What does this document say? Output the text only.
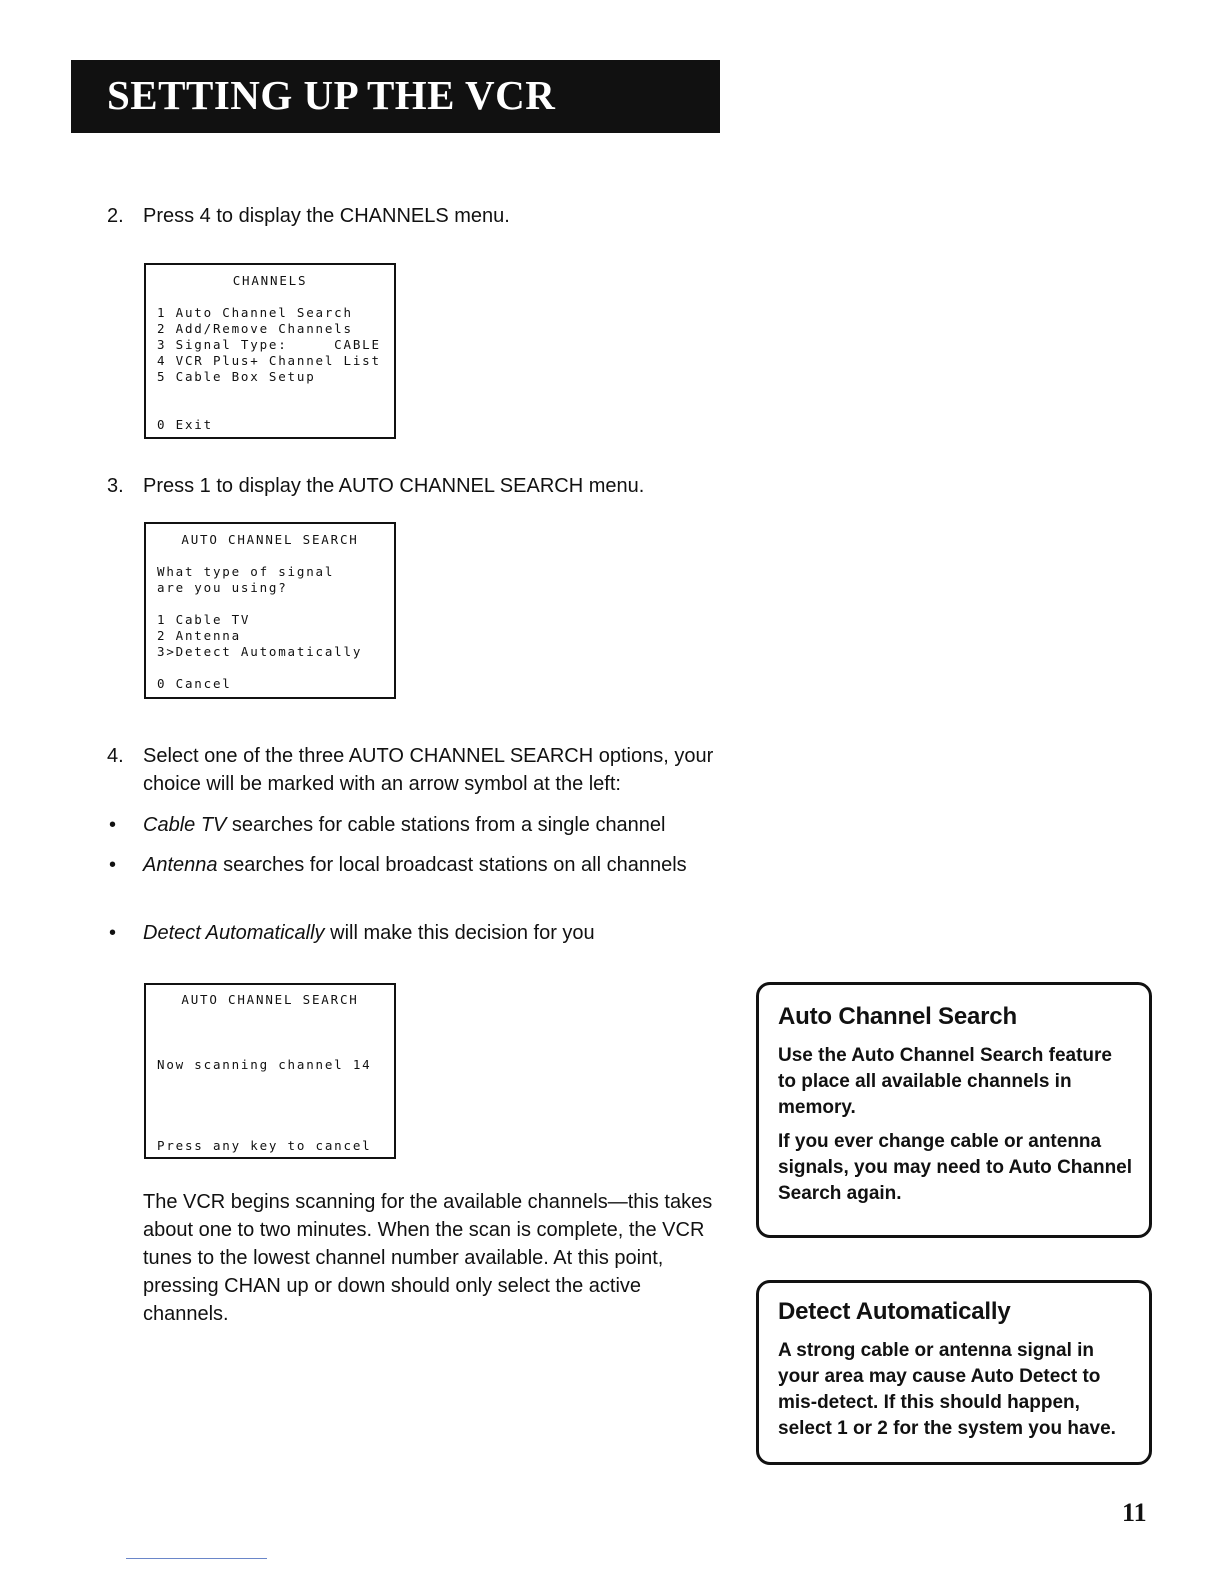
SETTING UP THE VCR
2. Press 4 to display the CHANNELS menu.
CHANNELS
1 Auto Channel Search
2 Add/Remove Channels
3 Signal Type:     CABLE
4 VCR Plus+ Channel List
5 Cable Box Setup
0 Exit
3. Press 1 to display the AUTO CHANNEL SEARCH menu.
AUTO CHANNEL SEARCH
What type of signal
are you using?
1 Cable TV
2 Antenna
3>Detect Automatically
0 Cancel
4. Select one of the three AUTO CHANNEL SEARCH options, your choice will be marked with an arrow symbol at the left:
• Cable TV searches for cable stations from a single channel
• Antenna searches for local broadcast stations on all channels
• Detect Automatically will make this decision for you
AUTO CHANNEL SEARCH
Now scanning channel 14
Press any key to cancel
The VCR begins scanning for the available channels—this takes about one to two minutes. When the scan is complete, the VCR tunes to the lowest channel number available. At this point, pressing CHAN up or down should only select the active channels.
Auto Channel Search

Use the Auto Channel Search feature to place all available channels in memory.

If you ever change cable or antenna signals, you may need to Auto Channel Search again.

Detect Automatically

A strong cable or antenna signal in your area may cause Auto Detect to mis-detect. If this should happen, select 1 or 2 for the system you have.

11
